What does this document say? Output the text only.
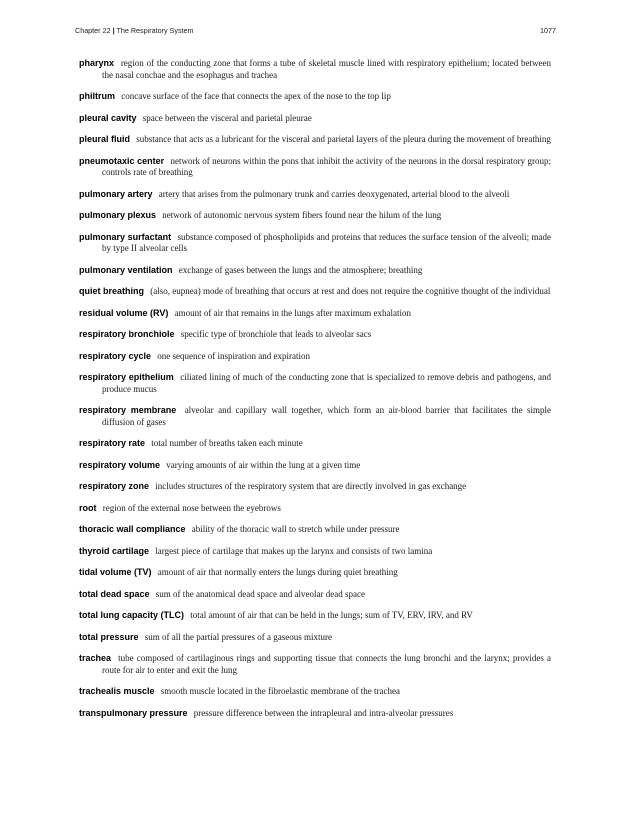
Chapter 22 | The Respiratory System	1077
pharynx region of the conducting zone that forms a tube of skeletal muscle lined with respiratory epithelium; located between the nasal conchae and the esophagus and trachea
philtrum concave surface of the face that connects the apex of the nose to the top lip
pleural cavity space between the visceral and parietal pleurae
pleural fluid substance that acts as a lubricant for the visceral and parietal layers of the pleura during the movement of breathing
pneumotaxic center network of neurons within the pons that inhibit the activity of the neurons in the dorsal respiratory group; controls rate of breathing
pulmonary artery artery that arises from the pulmonary trunk and carries deoxygenated, arterial blood to the alveoli
pulmonary plexus network of autonomic nervous system fibers found near the hilum of the lung
pulmonary surfactant substance composed of phospholipids and proteins that reduces the surface tension of the alveoli; made by type II alveolar cells
pulmonary ventilation exchange of gases between the lungs and the atmosphere; breathing
quiet breathing (also, eupnea) mode of breathing that occurs at rest and does not require the cognitive thought of the individual
residual volume (RV) amount of air that remains in the lungs after maximum exhalation
respiratory bronchiole specific type of bronchiole that leads to alveolar sacs
respiratory cycle one sequence of inspiration and expiration
respiratory epithelium ciliated lining of much of the conducting zone that is specialized to remove debris and pathogens, and produce mucus
respiratory membrane alveolar and capillary wall together, which form an air-blood barrier that facilitates the simple diffusion of gases
respiratory rate total number of breaths taken each minute
respiratory volume varying amounts of air within the lung at a given time
respiratory zone includes structures of the respiratory system that are directly involved in gas exchange
root region of the external nose between the eyebrows
thoracic wall compliance ability of the thoracic wall to stretch while under pressure
thyroid cartilage largest piece of cartilage that makes up the larynx and consists of two lamina
tidal volume (TV) amount of air that normally enters the lungs during quiet breathing
total dead space sum of the anatomical dead space and alveolar dead space
total lung capacity (TLC) total amount of air that can be held in the lungs; sum of TV, ERV, IRV, and RV
total pressure sum of all the partial pressures of a gaseous mixture
trachea tube composed of cartilaginous rings and supporting tissue that connects the lung bronchi and the larynx; provides a route for air to enter and exit the lung
trachealis muscle smooth muscle located in the fibroelastic membrane of the trachea
transpulmonary pressure pressure difference between the intrapleural and intra-alveolar pressures
